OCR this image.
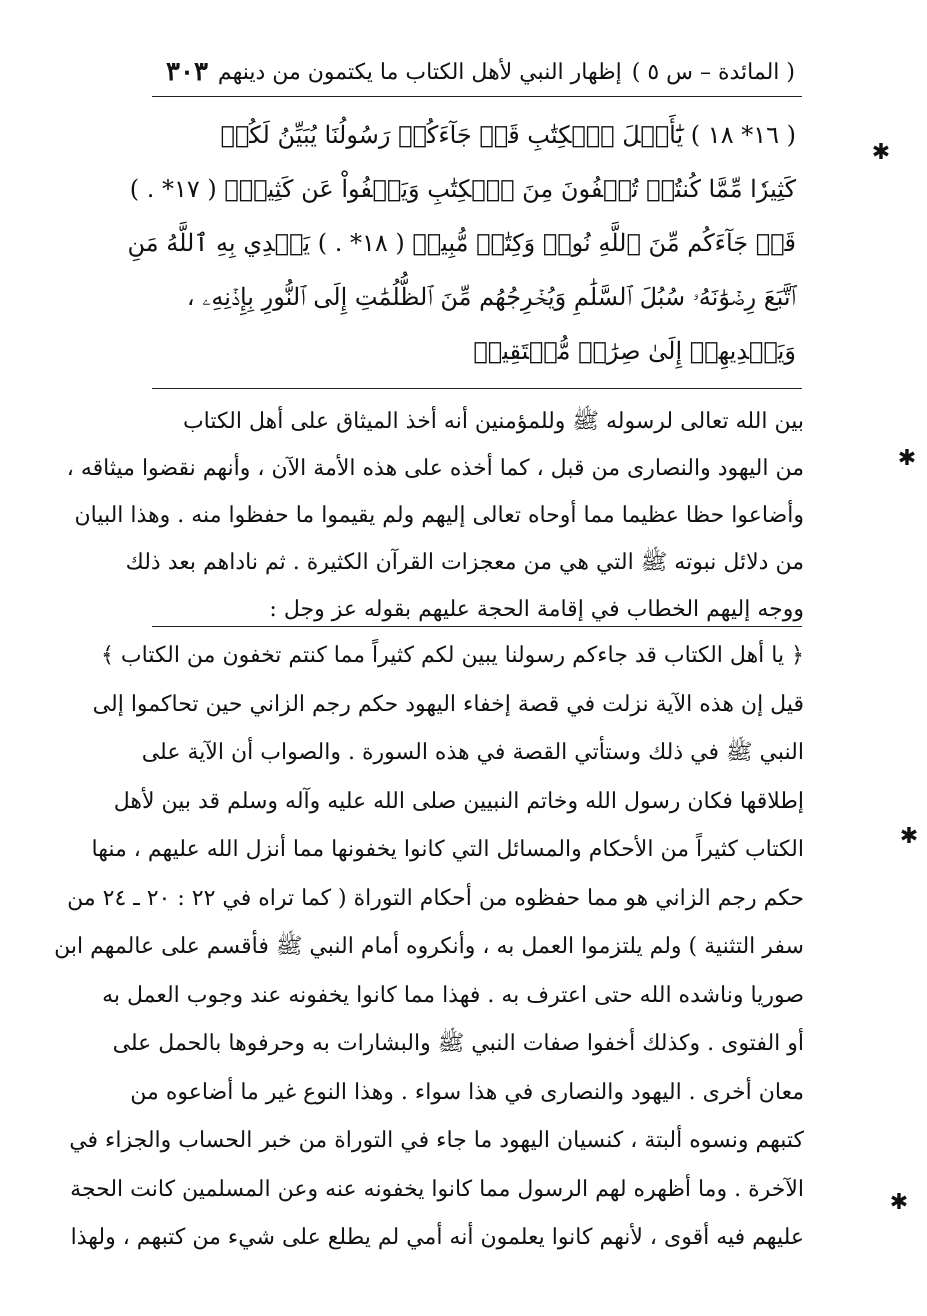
( المائدة – س ٥ )
إظهار النبي لأهل الكتاب ما يكتمون من دينهم
٣٠٣

( ١٦* ١٨ ) يَٰٓأَهۡلَ ٱلۡكِتَٰبِ قَدۡ جَآءَكُمۡ رَسُولُنَا يُبَيِّنُ لَكُمۡ

كَثِيرٗا مِّمَّا كُنتُمۡ تُخۡفُونَ مِنَ ٱلۡكِتَٰبِ وَيَعۡفُواْ عَن كَثِيرٖۚ ( ١٧* . )

قَدۡ جَآءَكُم مِّنَ ٱللَّهِ نُورٞ وَكِتَٰبٞ مُّبِينٞ ( ١٨* . ) يَهۡدِي بِهِ ٱللَّهُ مَنِ

ٱتَّبَعَ رِضۡوَٰنَهُۥ سُبُلَ ٱلسَّلَٰمِ وَيُخۡرِجُهُم مِّنَ ٱلظُّلُمَٰتِ إِلَى ٱلنُّورِ بِإِذۡنِهِۦ ،

وَيَهۡدِيهِمۡ إِلَىٰ صِرَٰطٖ مُّسۡتَقِيمٖ

بين الله تعالى لرسوله ﷺ وللمؤمنين أنه أخذ الميثاق على أهل الكتاب

من اليهود والنصارى من قبل ، كما أخذه على هذه الأمة الآن ، وأنهم نقضوا ميثاقه ،

وأضاعوا حظا عظيما مما أوحاه تعالى إليهم ولم يقيموا ما حفظوا منه . وهذا البيان

من دلائل نبوته ﷺ التي هي من معجزات القرآن الكثيرة . ثم ناداهم بعد ذلك

ووجه إليهم الخطاب في إقامة الحجة عليهم بقوله عز وجل :

﴿ يا أهل الكتاب قد جاءكم رسولنا يبين لكم كثيراً مما كنتم تخفون من الكتاب ﴾

قيل إن هذه الآية نزلت في قصة إخفاء اليهود حكم رجم الزاني حين تحاكموا إلى

النبي ﷺ في ذلك وستأتي القصة في هذه السورة . والصواب أن الآية على

إطلاقها فكان رسول الله وخاتم النبيين صلى الله عليه وآله وسلم قد بين لأهل

الكتاب كثيراً من الأحكام والمسائل التي كانوا يخفونها مما أنزل الله عليهم ، منها

حكم رجم الزاني هو مما حفظوه من أحكام التوراة ( كما تراه في ٢٢ : ٢٠ ـ ٢٤ من

سفر التثنية ) ولم يلتزموا العمل به ، وأنكروه أمام النبي ﷺ فأقسم على عالمهم ابن

صوريا وناشده الله حتى اعترف به . فهذا مما كانوا يخفونه عند وجوب العمل به

أو الفتوى . وكذلك أخفوا صفات النبي ﷺ والبشارات به وحرفوها بالحمل على

معان أخرى . اليهود والنصارى في هذا سواء . وهذا النوع غير ما أضاعوه من

كتبهم ونسوه ألبتة ، كنسيان اليهود ما جاء في التوراة من خبر الحساب والجزاء في

الآخرة . وما أظهره لهم الرسول مما كانوا يخفونه عنه وعن المسلمين كانت الحجة

عليهم فيه أقوى ، لأنهم كانوا يعلمون أنه أمي لم يطلع على شيء من كتبهم ، ولهذا

✱
✱
✱
✱
